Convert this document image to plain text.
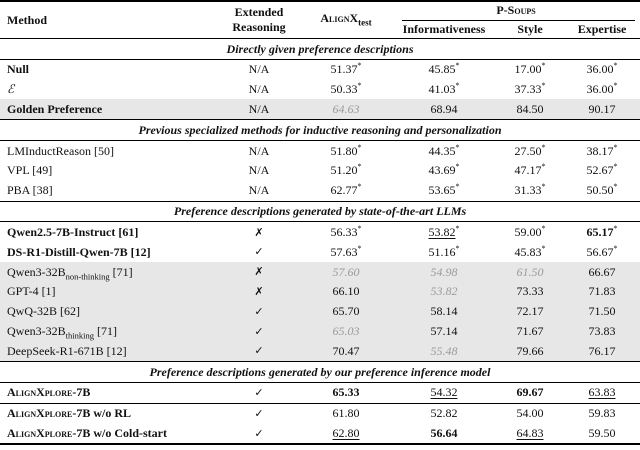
Method	Extended
Reasoning	AlignX$_{test}$	P-Soups		
			Informativeness	Style	Expertise
Directly given preference descriptions					
Null	N/A	51.37*	45.85*	17.00*	36.00*
ℰ	N/A	50.33*	41.03*	37.33*	36.00*
Golden Preference	N/A	64.63	68.94	84.50	90.17
Previous specialized methods for inductive reasoning and personalization					
LMInductReason [50]	N/A	51.80*	44.35*	27.50*	38.17*
VPL [49]	N/A	51.20*	43.69*	47.17*	52.67*
PBA [38]	N/A	62.77*	53.65*	31.33*	50.50*
Preference descriptions generated by state-of-the-art LLMs					
Qwen2.5-7B-Instruct [61]	✗	56.33*	53.82*	59.00*	65.17*
DS-R1-Distill-Qwen-7B [12]	✓	57.63*	51.16*	45.83*	56.67*
$Qwen3-32B_{non-thinking}$ [71]	✗	57.60	54.98	61.50	66.67
GPT-4 [1]	✗	66.10	53.82	73.33	71.83
QwQ-32B [62]	✓	65.70	58.14	72.17	71.50
$Qwen3-32B_{thinking}$ [71]	✓	65.03	57.14	71.67	73.83
DeepSeek-R1-671B [12]	✓	70.47	55.48	79.66	76.17
Preference descriptions generated by our preference inference model					
AlignXplore-7B	✓	65.33	54.32	69.67	63.83
AlignXplore-7B w/o RL	✓	61.80	52.82	54.00	59.83
AlignXplore-7B w/o Cold-start	✓	62.80	56.64	64.83	59.50
